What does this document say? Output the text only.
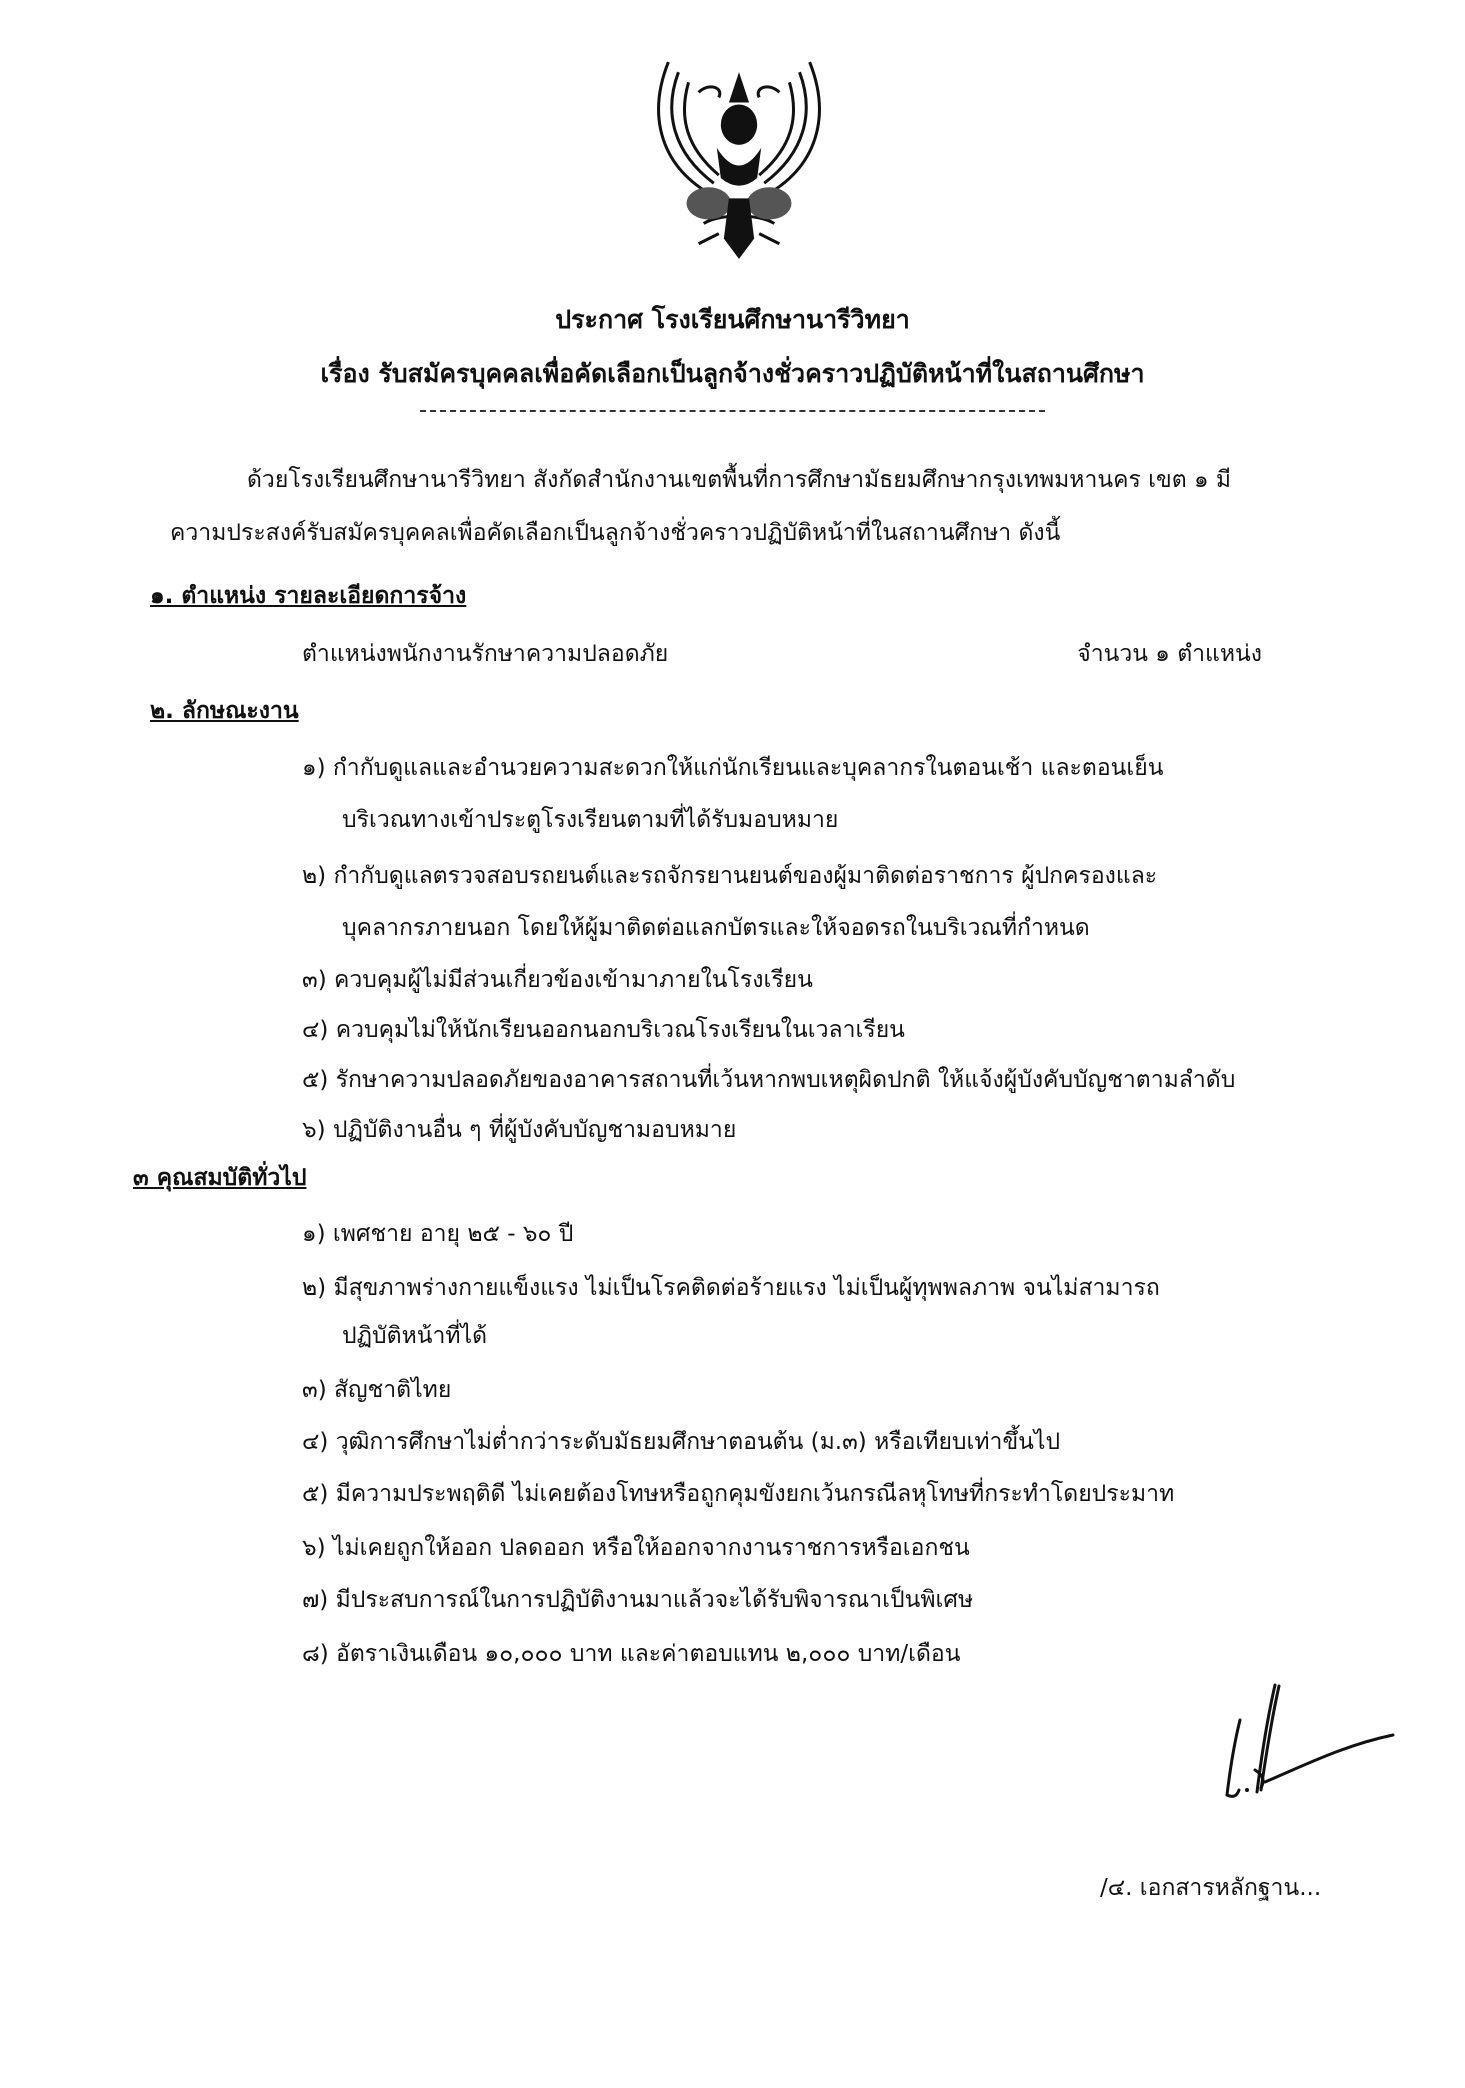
ประกาศ โรงเรียนศึกษานารีวิทยา
เรื่อง รับสมัครบุคคลเพื่อคัดเลือกเป็นลูกจ้างชั่วคราวปฏิบัติหน้าที่ในสถานศึกษา
ด้วยโรงเรียนศึกษานารีวิทยา สังกัดสำนักงานเขตพื้นที่การศึกษามัธยมศึกษากรุงเทพมหานคร เขต ๑ มี
ความประสงค์รับสมัครบุคคลเพื่อคัดเลือกเป็นลูกจ้างชั่วคราวปฏิบัติหน้าที่ในสถานศึกษา ดังนี้
๑. ตำแหน่ง รายละเอียดการจ้าง
ตำแหน่งพนักงานรักษาความปลอดภัย	จำนวน ๑ ตำแหน่ง
๒. ลักษณะงาน
๑) กำกับดูแลและอำนวยความสะดวกให้แก่นักเรียนและบุคลากรในตอนเช้า และตอนเย็น
บริเวณทางเข้าประตูโรงเรียนตามที่ได้รับมอบหมาย
๒) กำกับดูแลตรวจสอบรถยนต์และรถจักรยานยนต์ของผู้มาติดต่อราชการ ผู้ปกครองและ
บุคลากรภายนอก โดยให้ผู้มาติดต่อแลกบัตรและให้จอดรถในบริเวณที่กำหนด
๓) ควบคุมผู้ไม่มีส่วนเกี่ยวข้องเข้ามาภายในโรงเรียน
๔) ควบคุมไม่ให้นักเรียนออกนอกบริเวณโรงเรียนในเวลาเรียน
๕) รักษาความปลอดภัยของอาคารสถานที่เว้นหากพบเหตุผิดปกติ ให้แจ้งผู้บังคับบัญชาตามลำดับ
๖) ปฏิบัติงานอื่น ๆ ที่ผู้บังคับบัญชามอบหมาย
๓ คุณสมบัติทั่วไป
๑) เพศชาย อายุ ๒๕ - ๖๐ ปี
๒) มีสุขภาพร่างกายแข็งแรง ไม่เป็นโรคติดต่อร้ายแรง ไม่เป็นผู้ทุพพลภาพ จนไม่สามารถ
ปฏิบัติหน้าที่ได้
๓) สัญชาติไทย
๔) วุฒิการศึกษาไม่ต่ำกว่าระดับมัธยมศึกษาตอนต้น (ม.๓) หรือเทียบเท่าขึ้นไป
๕) มีความประพฤติดี ไม่เคยต้องโทษหรือถูกคุมขังยกเว้นกรณีลหุโทษที่กระทำโดยประมาท
๖) ไม่เคยถูกให้ออก ปลดออก หรือให้ออกจากงานราชการหรือเอกชน
๗) มีประสบการณ์ในการปฏิบัติงานมาแล้วจะได้รับพิจารณาเป็นพิเศษ
๘) อัตราเงินเดือน ๑๐,๐๐๐ บาท และค่าตอบแทน ๒,๐๐๐ บาท/เดือน
/๔. เอกสารหลักฐาน...
